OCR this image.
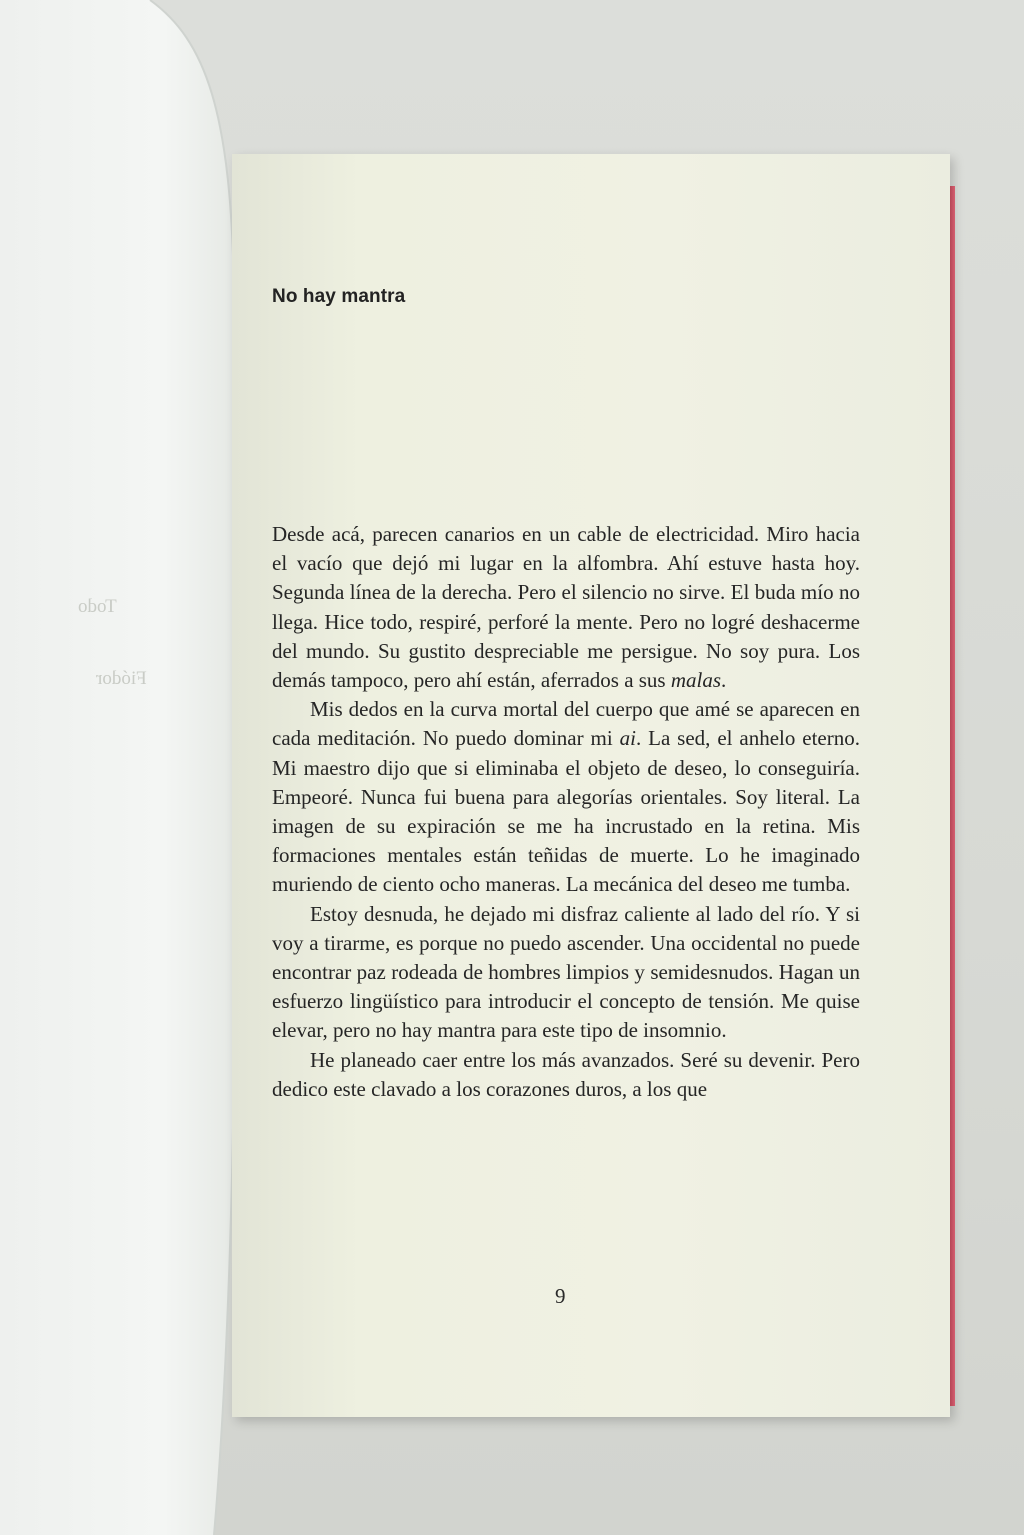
Todo
Fiódor
No hay mantra

Desde acá, parecen canarios en un cable de electricidad. Miro hacia el vacío que dejó mi lugar en la alfombra. Ahí estuve hasta hoy. Segunda línea de la derecha. Pero el silencio no sirve. El buda mío no llega. Hice todo, respiré, perforé la mente. Pero no logré deshacerme del mundo. Su gustito despreciable me persigue. No soy pura. Los demás tampoco, pero ahí están, aferrados a sus malas.

Mis dedos en la curva mortal del cuerpo que amé se aparecen en cada meditación. No puedo dominar mi ai. La sed, el anhelo eterno. Mi maestro dijo que si eliminaba el objeto de deseo, lo conseguiría. Empeoré. Nunca fui buena para alegorías orientales. Soy literal. La imagen de su expiración se me ha incrustado en la retina. Mis formaciones mentales están teñidas de muerte. Lo he imaginado muriendo de ciento ocho maneras. La mecánica del deseo me tumba.

Estoy desnuda, he dejado mi disfraz caliente al lado del río. Y si voy a tirarme, es porque no puedo ascender. Una occidental no puede encontrar paz rodeada de hombres limpios y semidesnudos. Hagan un esfuerzo lingüístico para introducir el concepto de tensión. Me quise elevar, pero no hay mantra para este tipo de insomnio.

He planeado caer entre los más avanzados. Seré su devenir. Pero dedico este clavado a los corazones duros, a los que

9
